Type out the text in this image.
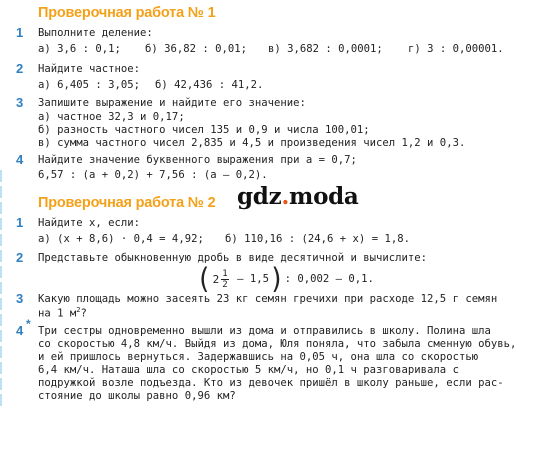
Проверочная работа № 1
1 Выполните деление:
а) 3,6 : 0,1; б) 36,82 : 0,01; в) 3,682 : 0,0001; г) 3 : 0,00001.
2 Найдите частное:
а) 6,405 : 3,05; б) 42,436 : 41,2.
3 Запишите выражение и найдите его значение:
а) частное 32,3 и 0,17;
б) разность частного чисел 135 и 0,9 и числа 100,01;
в) сумма частного чисел 2,835 и 4,5 и произведения чисел 1,2 и 0,3.
4 Найдите значение буквенного выражения при a = 0,7;
6,57 : (a + 0,2) + 7,56 : (a – 0,2).
gdz.moda
Проверочная работа № 2
1 Найдите x, если:
а) (x + 8,6) · 0,4 = 4,92; б) 110,16 : (24,6 + x) = 1,8.
2 Представьте обыкновенную дробь в виде десятичной и вычислите:
( $2 \frac{1}{2} - 1,5$ ) : 0,002 – 0,1.
3 Какую площадь можно засеять 23 кг семян гречихи при расходе 12,5 г семян
на 1 $м^2$?
4 * Три сестры одновременно вышли из дома и отправились в школу. Полина шла
со скоростью 4,8 км/ч. Выйдя из дома, Юля поняла, что забыла сменную обувь,
и ей пришлось вернуться. Задержавшись на 0,05 ч, она шла со скоростью
6,4 км/ч. Наташа шла со скоростью 5 км/ч, но 0,1 ч разговаривала с
подружкой возле подъезда. Кто из девочек пришёл в школу раньше, если рас-
стояние до школы равно 0,96 км?
